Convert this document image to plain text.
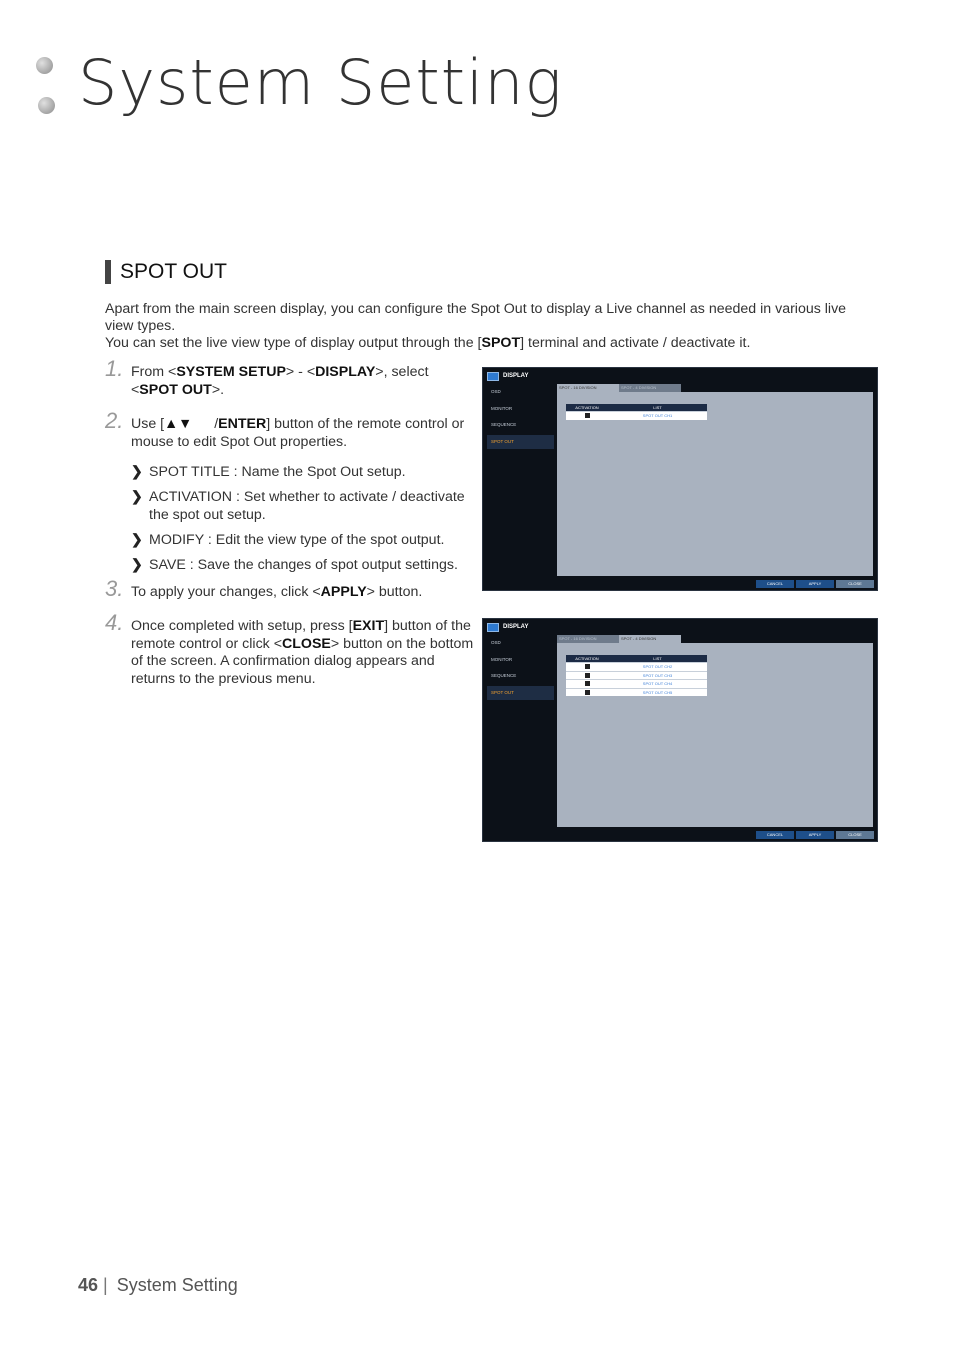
System Setting
SPOT OUT

Apart from the main screen display, you can configure the Spot Out to display a Live channel as needed in various live view types.

You can set the live view type of display output through the [SPOT] terminal and activate / deactivate it.

1. From <SYSTEM SETUP> - <DISPLAY>, select <SPOT OUT>.
2. Use [▲▼ /ENTER] button of the remote control or mouse to edit Spot Out properties.
❯ SPOT TITLE : Name the Spot Out setup.
❯ ACTIVATION : Set whether to activate / deactivate the spot out setup.
❯ MODIFY : Edit the view type of the spot output.
❯ SAVE : Save the changes of spot output settings.
3. To apply your changes, click <APPLY> button.
4. Once completed with setup, press [EXIT] button of the remote control or click <CLOSE> button on the bottom of the screen. A confirmation dialog appears and returns to the previous menu.
DISPLAY
OSD
MONITOR
SEQUENCE
SPOT OUT
SPOT - 16 DIVISION	SPOT - 4 DIVISION
ACTIVATION	LIST
	SPOT OUT CH1
CANCEL	APPLY	CLOSE
DISPLAY
OSD
MONITOR
SEQUENCE
SPOT OUT
SPOT - 16 DIVISION	SPOT - 4 DIVISION
ACTIVATION	LIST
	SPOT OUT CH2
	SPOT OUT CH3
	SPOT OUT CH4
	SPOT OUT CH5
CANCEL	APPLY	CLOSE
46 | System Setting
